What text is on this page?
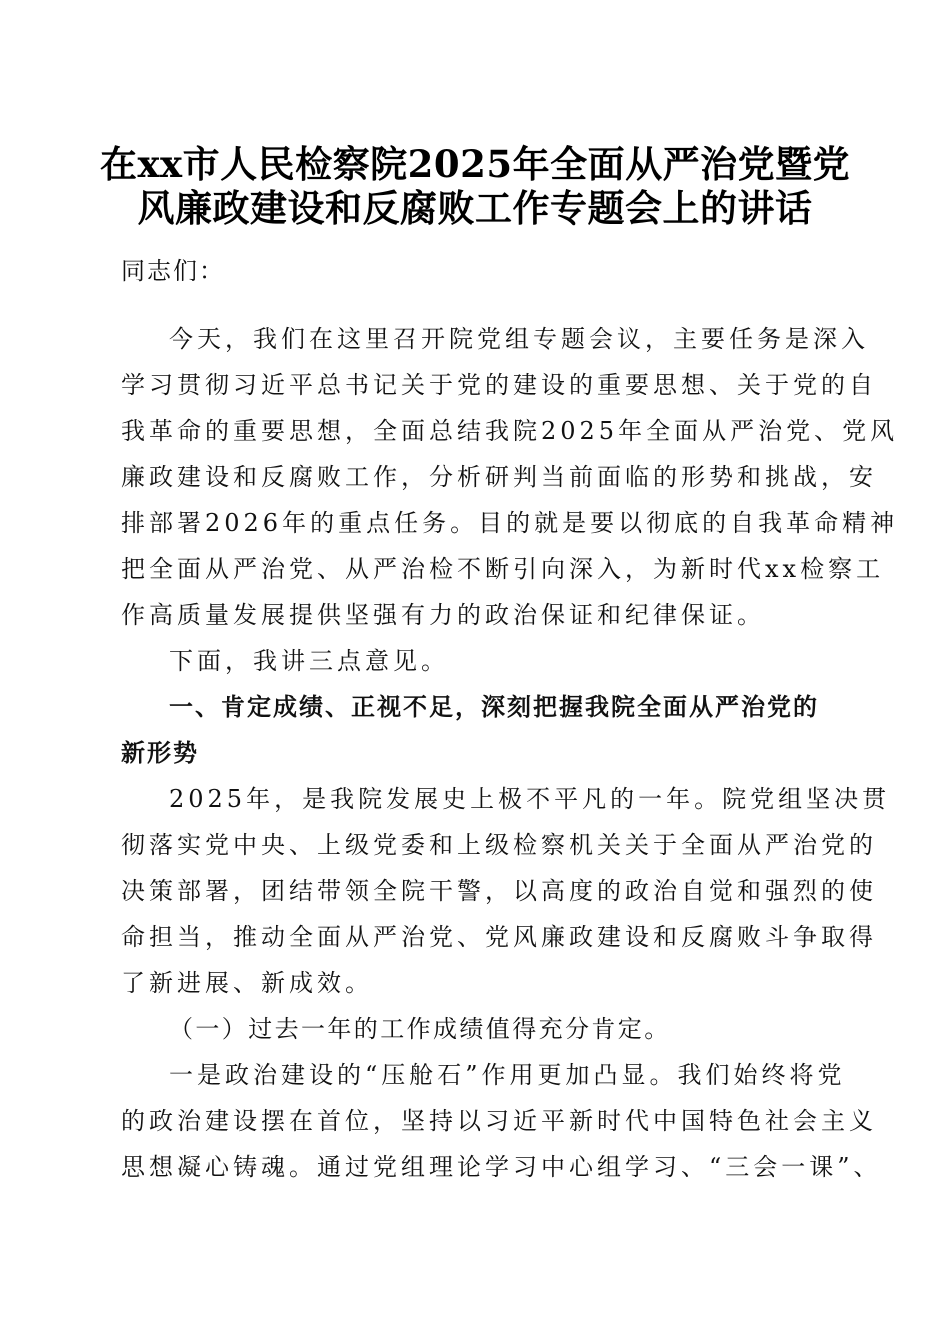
在xx市人民检察院2025年全面从严治党暨党
风廉政建设和反腐败工作专题会上的讲话
同志们：
今天，我们在这里召开院党组专题会议，主要任务是深入
学习贯彻习近平总书记关于党的建设的重要思想、关于党的自
我革命的重要思想，全面总结我院2025年全面从严治党、党风
廉政建设和反腐败工作，分析研判当前面临的形势和挑战，安
排部署2026年的重点任务。目的就是要以彻底的自我革命精神
把全面从严治党、从严治检不断引向深入，为新时代xx检察工
作高质量发展提供坚强有力的政治保证和纪律保证。
下面，我讲三点意见。
一、肯定成绩、正视不足，深刻把握我院全面从严治党的
新形势
2025年，是我院发展史上极不平凡的一年。院党组坚决贯
彻落实党中央、上级党委和上级检察机关关于全面从严治党的
决策部署，团结带领全院干警，以高度的政治自觉和强烈的使
命担当，推动全面从严治党、党风廉政建设和反腐败斗争取得
了新进展、新成效。
（一）过去一年的工作成绩值得充分肯定。
一是政治建设的“压舱石”作用更加凸显。我们始终将党
的政治建设摆在首位，坚持以习近平新时代中国特色社会主义
思想凝心铸魂。通过党组理论学习中心组学习、“三会一课”、
